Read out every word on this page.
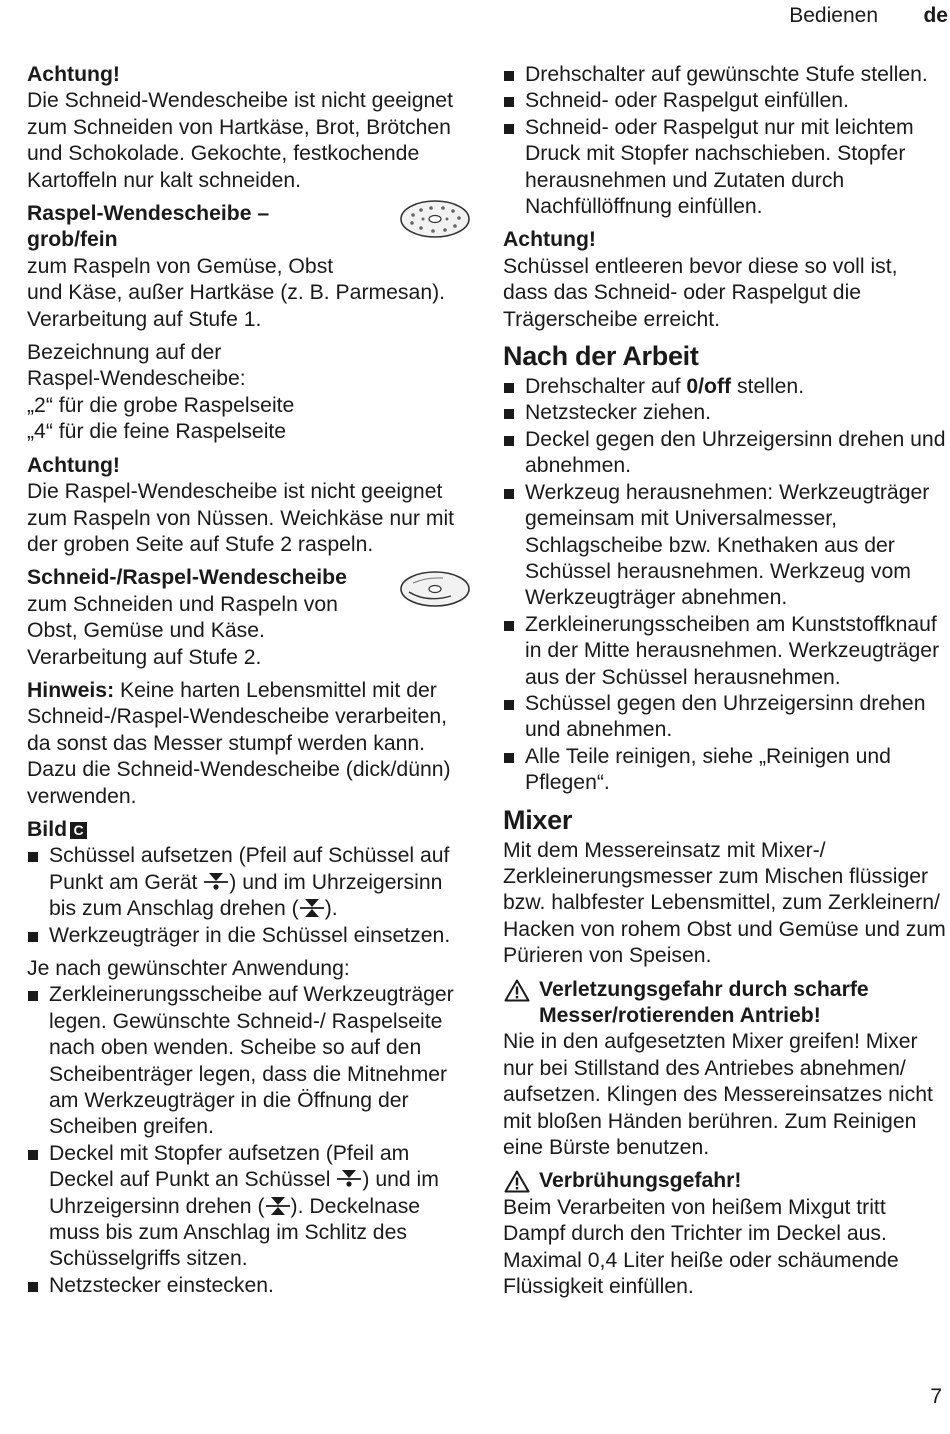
Bedienen de

Achtung!
Die Schneid-Wendescheibe ist nicht geeignet zum Schneiden von Hartkäse, Brot, Brötchen und Schokolade. Gekochte, festkochende Kartoffeln nur kalt schneiden.

Raspel-Wendescheibe –
grob/fein
zum Raspeln von Gemüse, Obst
und Käse, außer Hartkäse (z. B. Parmesan).
Verarbeitung auf Stufe 1.

Bezeichnung auf der
Raspel-Wendescheibe:
„2“ für die grobe Raspelseite
„4“ für die feine Raspelseite

Achtung!
Die Raspel-Wendescheibe ist nicht geeignet zum Raspeln von Nüssen. Weichkäse nur mit der groben Seite auf Stufe 2 raspeln.

Schneid-/Raspel-Wendescheibe
zum Schneiden und Raspeln von
Obst, Gemüse und Käse.
Verarbeitung auf Stufe 2.

Hinweis: Keine harten Lebensmittel mit der Schneid-/Raspel-Wendescheibe verarbeiten, da sonst das Messer stumpf werden kann. Dazu die Schneid-Wendescheibe (dick/dünn) verwenden.

Bild C
Schüssel aufsetzen (Pfeil auf Schüssel auf Punkt am Gerät ) und im Uhrzeigersinn bis zum Anschlag drehen ( ).
Werkzeugträger in die Schüssel einsetzen.

Je nach gewünschter Anwendung:

Zerkleinerungsscheibe auf Werkzeugträger legen. Gewünschte Schneid-/ Raspelseite nach oben wenden. Scheibe so auf den Scheibenträger legen, dass die Mitnehmer am Werkzeugträger in die Öffnung der Scheiben greifen.
Deckel mit Stopfer aufsetzen (Pfeil am Deckel auf Punkt an Schüssel ) und im Uhrzeigersinn drehen ( ). Deckelnase muss bis zum Anschlag im Schlitz des Schüsselgriffs sitzen.
Netzstecker einstecken.
Drehschalter auf gewünschte Stufe stellen.
Schneid- oder Raspelgut einfüllen.
Schneid- oder Raspelgut nur mit leichtem Druck mit Stopfer nachschieben. Stopfer herausnehmen und Zutaten durch Nachfüllöffnung einfüllen.

Achtung!
Schüssel entleeren bevor diese so voll ist, dass das Schneid- oder Raspelgut die Trägerscheibe erreicht.

Nach der Arbeit
Drehschalter auf 0/off stellen.
Netzstecker ziehen.
Deckel gegen den Uhrzeigersinn drehen und abnehmen.
Werkzeug herausnehmen: Werkzeugträger gemeinsam mit Universalmesser, Schlagscheibe bzw. Knethaken aus der Schüssel herausnehmen. Werkzeug vom Werkzeugträger abnehmen.
Zerkleinerungsscheiben am Kunststoffknauf in der Mitte herausnehmen. Werkzeugträger aus der Schüssel herausnehmen.
Schüssel gegen den Uhrzeigersinn drehen und abnehmen.
Alle Teile reinigen, siehe „Reinigen und Pflegen“.
Mixer

Mit dem Messereinsatz mit Mixer-/ Zerkleinerungsmesser zum Mischen flüssiger bzw. halbfester Lebensmittel, zum Zerkleinern/ Hacken von rohem Obst und Gemüse und zum Pürieren von Speisen.

Verletzungsgefahr durch scharfe
Messer/rotierenden Antrieb!
Nie in den aufgesetzten Mixer greifen! Mixer nur bei Stillstand des Antriebes abnehmen/ aufsetzen. Klingen des Messereinsatzes nicht mit bloßen Händen berühren. Zum Reinigen eine Bürste benutzen.

Verbrühungsgefahr!
Beim Verarbeiten von heißem Mixgut tritt Dampf durch den Trichter im Deckel aus. Maximal 0,4 Liter heiße oder schäumende Flüssigkeit einfüllen.

7
